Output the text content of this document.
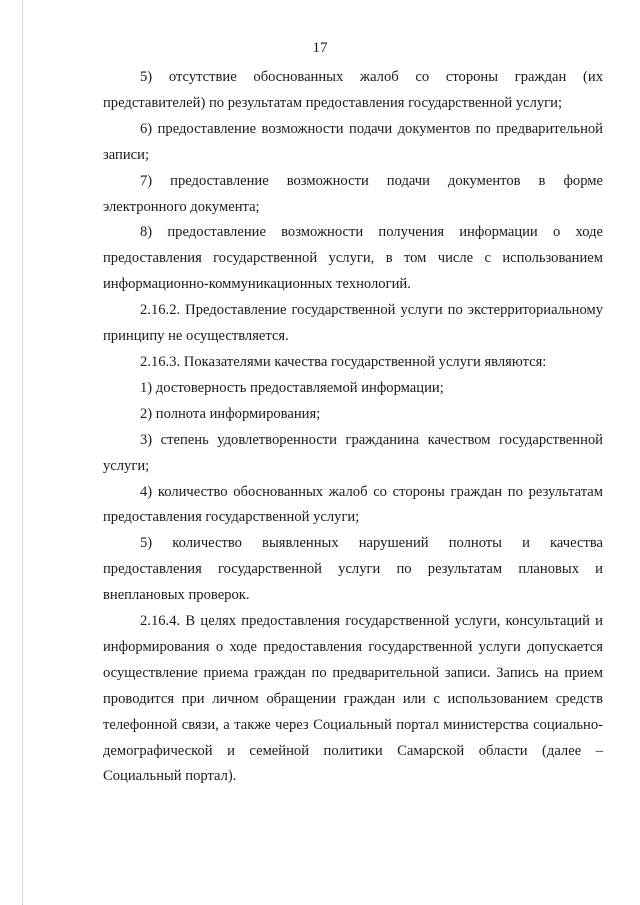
17

5) отсутствие обоснованных жалоб со стороны граждан (их представителей) по результатам предоставления государственной услуги;

6) предоставление возможности подачи документов по предварительной записи;

7) предоставление возможности подачи документов в форме электронного документа;

8) предоставление возможности получения информации о ходе предоставления государственной услуги, в том числе с использованием информационно-коммуникационных технологий.

2.16.2. Предоставление государственной услуги по экстерриториальному принципу не осуществляется.

2.16.3. Показателями качества государственной услуги являются:

1) достоверность предоставляемой информации;

2) полнота информирования;

3) степень удовлетворенности гражданина качеством государственной услуги;

4) количество обоснованных жалоб со стороны граждан по результатам предоставления государственной услуги;

5) количество выявленных нарушений полноты и качества предоставления государственной услуги по результатам плановых и внеплановых проверок.

2.16.4. В целях предоставления государственной услуги, консультаций и информирования о ходе предоставления государственной услуги допускается осуществление приема граждан по предварительной записи. Запись на прием проводится при личном обращении граждан или с использованием средств телефонной связи, а также через Социальный портал министерства социально-демографической и семейной политики Самарской области (далее – Социальный портал).
